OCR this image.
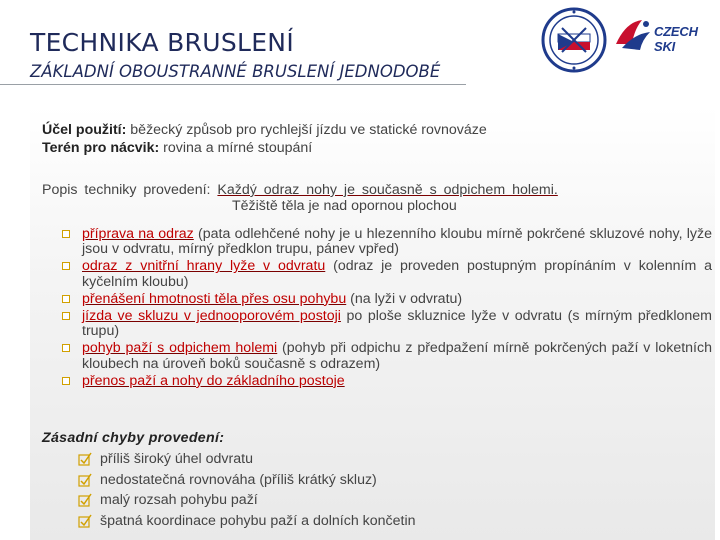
TECHNIKA BRUSLENÍ
ZÁKLADNÍ OBOUSTRANNÉ BRUSLENÍ JEDNODOBÉ
CZECH SKI
Účel použití: běžecký způsob pro rychlejší jízdu ve statické rovnováze
Terén pro nácvik: rovina a mírné stoupání
Popis techniky provedení: Každý odraz nohy je současně s odpichem holemi.
Těžiště těla je nad opornou plochou
příprava na odraz (pata odlehčené nohy je u hlezenního kloubu mírně pokrčené skluzové nohy, lyže jsou v odvratu, mírný předklon trupu, pánev vpřed)
odraz z vnitřní hrany lyže v odvratu (odraz je proveden postupným propínáním v kolenním a kyčelním kloubu)
přenášení hmotnosti těla přes osu pohybu (na lyži v odvratu)
jízda ve skluzu v jednooporovém postoji po ploše skluznice lyže v odvratu (s mírným předklonem trupu)
pohyb paží s odpichem holemi (pohyb při odpichu z předpažení mírně pokrčených paží v loketních kloubech na úroveň boků současně s odrazem)
přenos paží a nohy do základního postoje
Zásadní chyby provedení:
příliš široký úhel odvratu
nedostatečná rovnováha (příliš krátký skluz)
malý rozsah pohybu paží
špatná koordinace pohybu paží a dolních končetin
